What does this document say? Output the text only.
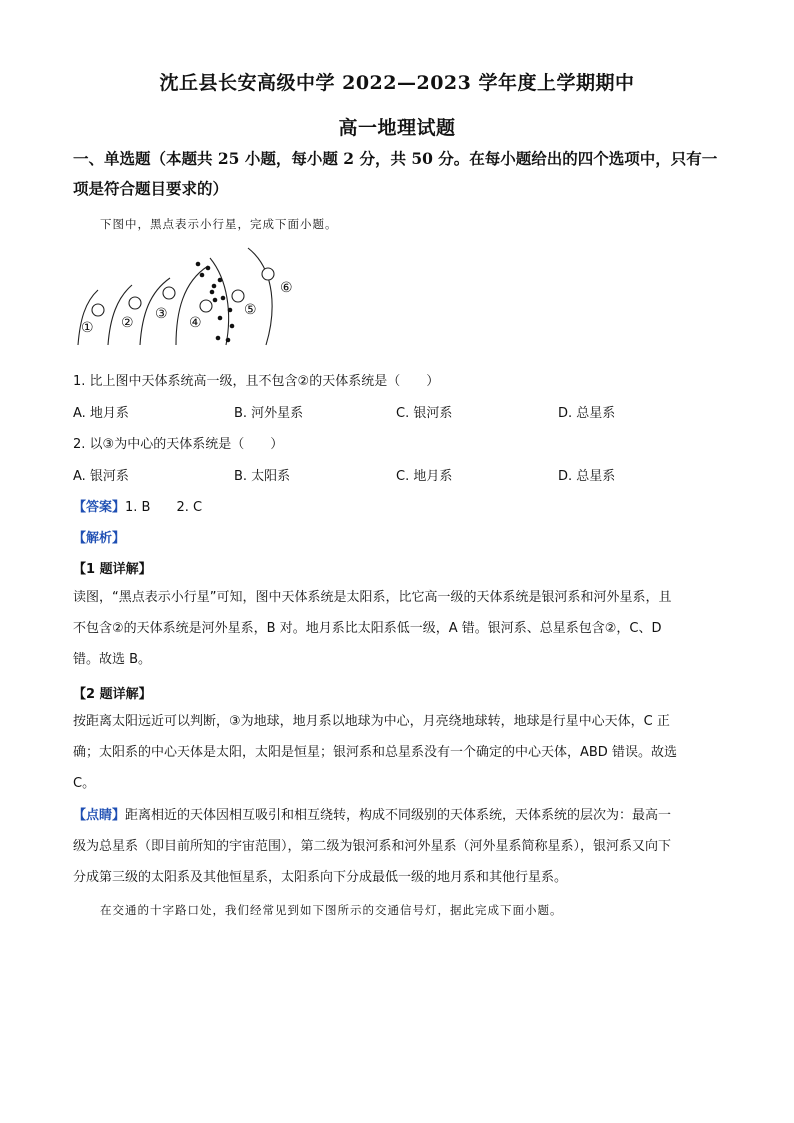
沈丘县长安高级中学 2022—2023 学年度上学期期中
高一地理试题
一、单选题（本题共 25 小题，每小题 2 分，共 50 分。在每小题给出的四个选项中，只有一
项是符合题目要求的）
下图中，黑点表示小行星，完成下面小题。
① ②
③
④
⑤
⑥
1. 比上图中天体系统高一级，且不包含②的天体系统是（　　）
A. 地月系	B. 河外星系	C. 银河系	D. 总星系
2. 以③为中心的天体系统是（　　）
A. 银河系	B. 太阳系	C. 地月系	D. 总星系
【答案】1. B　　2. C
【解析】
【1 题详解】
读图，“黑点表示小行星”可知，图中天体系统是太阳系，比它高一级的天体系统是银河系和河外星系，且
不包含②的天体系统是河外星系，B 对。地月系比太阳系低一级，A 错。银河系、总星系包含②，C、D
错。故选 B。
【2 题详解】
按距离太阳远近可以判断，③为地球，地月系以地球为中心，月亮绕地球转，地球是行星中心天体，C 正
确；太阳系的中心天体是太阳，太阳是恒星；银河系和总星系没有一个确定的中心天体，ABD 错误。故选
C。
【点睛】距离相近的天体因相互吸引和相互绕转，构成不同级别的天体系统，天体系统的层次为：最高一
级为总星系（即目前所知的宇宙范围），第二级为银河系和河外星系（河外星系简称星系），银河系又向下
分成第三级的太阳系及其他恒星系，太阳系向下分成最低一级的地月系和其他行星系。
在交通的十字路口处，我们经常见到如下图所示的交通信号灯，据此完成下面小题。
